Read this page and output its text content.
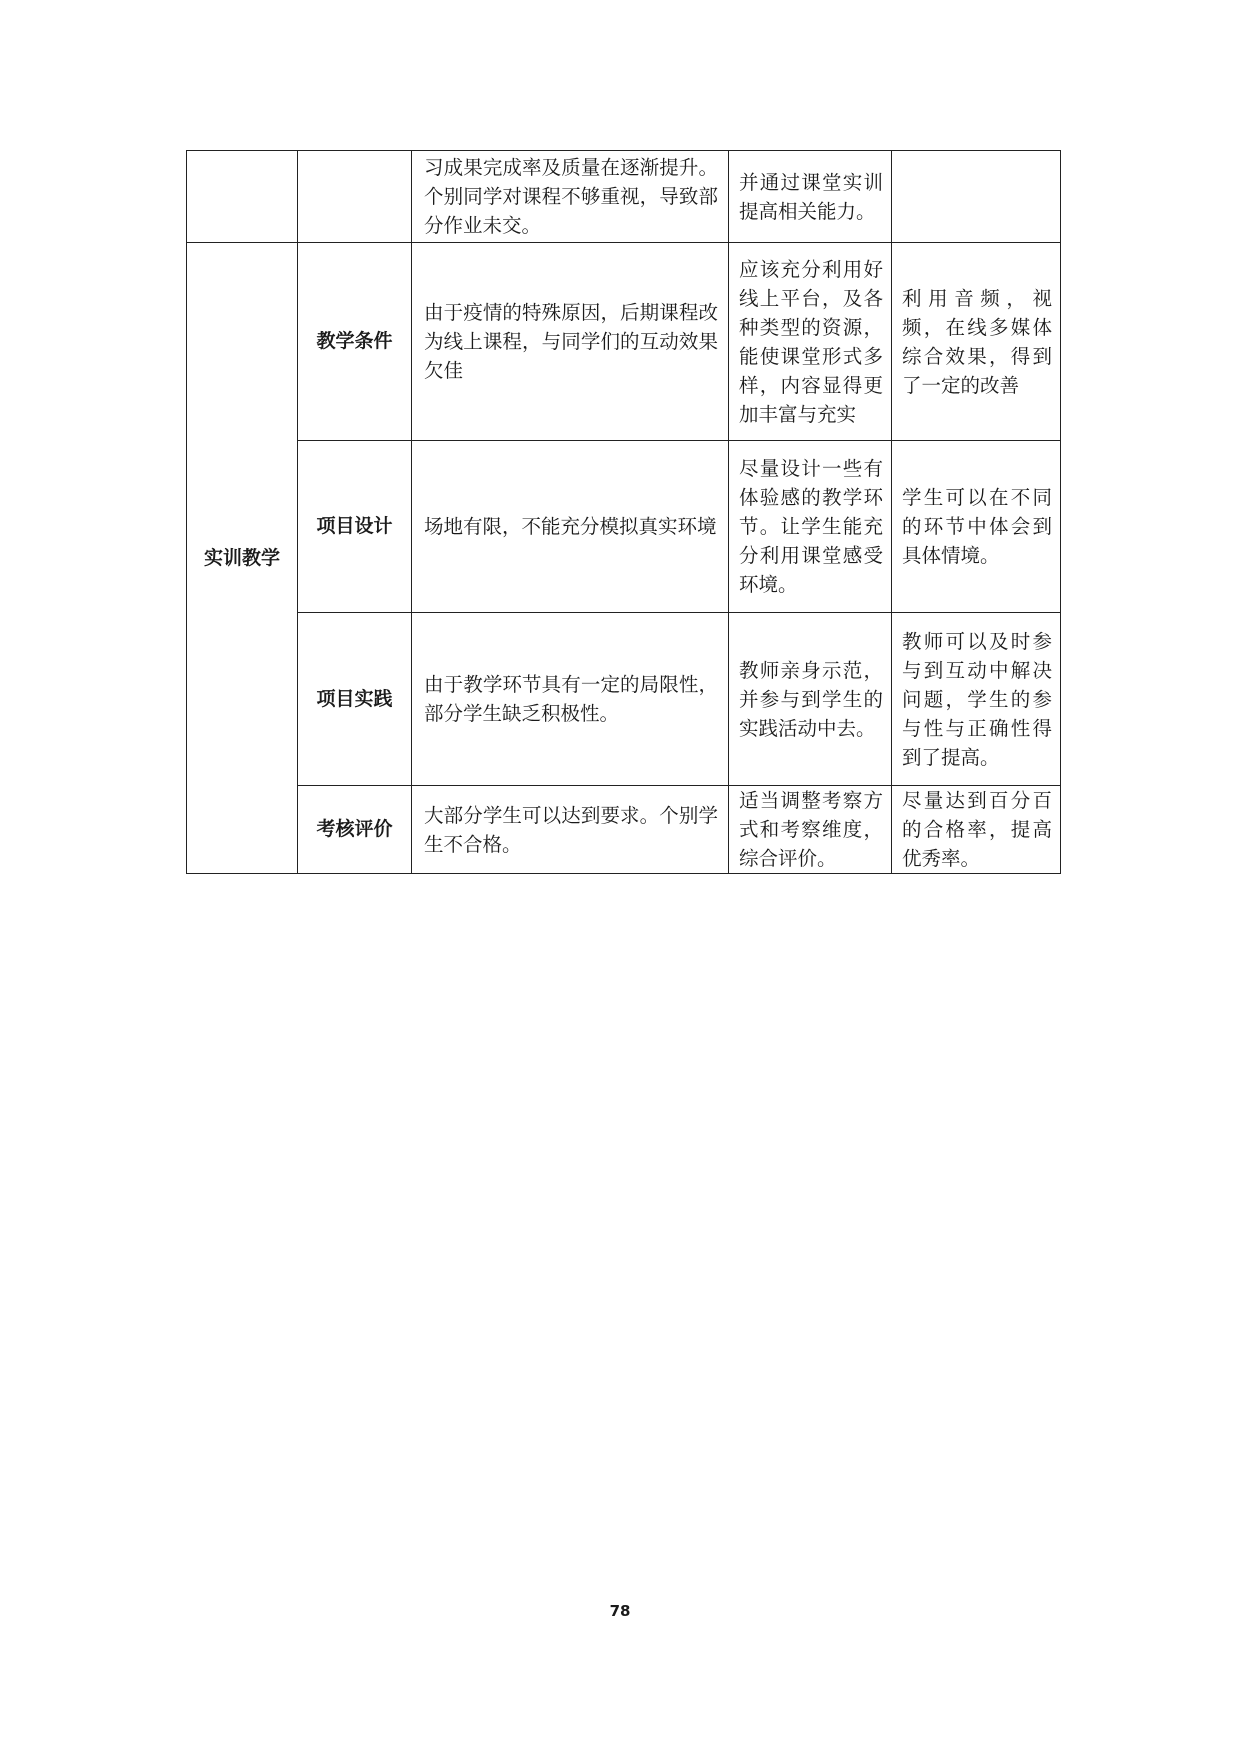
		习成果完成率及质量在逐渐提升。个别同学对课程不够重视，导致部分作业未交。	并通过课堂实训提高相关能力。	
实训教学	教学条件	由于疫情的特殊原因，后期课程改为线上课程，与同学们的互动效果欠佳	应该充分利用好线上平台，及各种类型的资源，能使课堂形式多样，内容显得更加丰富与充实	利用音频，视频，在线多媒体综合效果，得到了一定的改善
	项目设计	场地有限，不能充分模拟真实环境	尽量设计一些有体验感的教学环节。让学生能充分利用课堂感受环境。	学生可以在不同的环节中体会到具体情境。
	项目实践	由于教学环节具有一定的局限性，部分学生缺乏积极性。	教师亲身示范，并参与到学生的实践活动中去。	教师可以及时参与到互动中解决问题，学生的参与性与正确性得到了提高。
	考核评价	大部分学生可以达到要求。个别学生不合格。	适当调整考察方式和考察维度，综合评价。	尽量达到百分百的合格率，提高优秀率。
78
